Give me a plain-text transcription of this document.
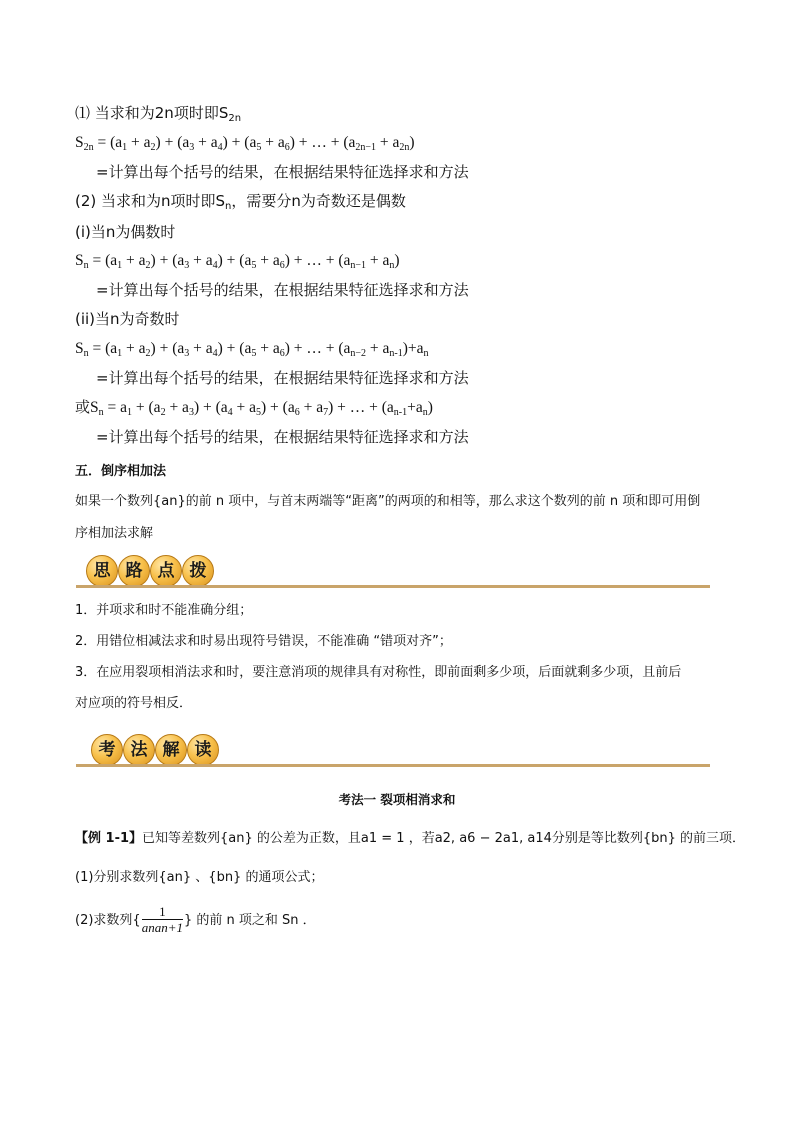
⑴ 当求和为2n项时即$S_{2n}$
$S_{2n} = (a_1 + a_2) + (a_3 + a_4) + (a_5 + a_6)$ + … + $(a_{2n-1} + a_{2n})$
=计算出每个括号的结果，在根据结果特征选择求和方法
(2) 当求和为n项时即$S_n$，需要分n为奇数还是偶数
(i)当n为偶数时
$S_n = (a_1 + a_2) + (a_3 + a_4) + (a_5 + a_6)$ + … + $(a_{n-1} + a_n)$
=计算出每个括号的结果，在根据结果特征选择求和方法
(ii)当n为奇数时
$S_n = (a_1 + a_2) + (a_3 + a_4) + (a_5 + a_6)$ + … + $(a_{n-2} + a_{n-1})+a_n$
=计算出每个括号的结果，在根据结果特征选择求和方法
或$S_n = a_1 + (a_2 + a_3) + (a_4 + a_5) + (a_6 + a_7)$ + … + $(a_{n-1}+a_n)$
=计算出每个括号的结果，在根据结果特征选择求和方法
五．倒序相加法
如果一个数列{an}的前 n 项中，与首末两端等“距离”的两项的和相等，那么求这个数列的前 n 项和即可用倒
序相加法求解
思 路 点 拨
1．并项求和时不能准确分组；
2．用错位相减法求和时易出现符号错误，不能准确 “错项对齐”；
3．在应用裂项相消法求和时，要注意消项的规律具有对称性，即前面剩多少项，后面就剩多少项，且前后
对应项的符号相反．
考 法 解 读
考法一 裂项相消求和
【例 1-1】已知等差数列{an} 的公差为正数，且a1 = 1 ，若a2, a6 − 2a1, a14分别是等比数列{bn} 的前三项．
(1)分别求数列{an} 、{bn} 的通项公式；
(2)求数列{ $\frac{1}{\text{anan+1}}$ } 的前 n 项之和 Sn ．
